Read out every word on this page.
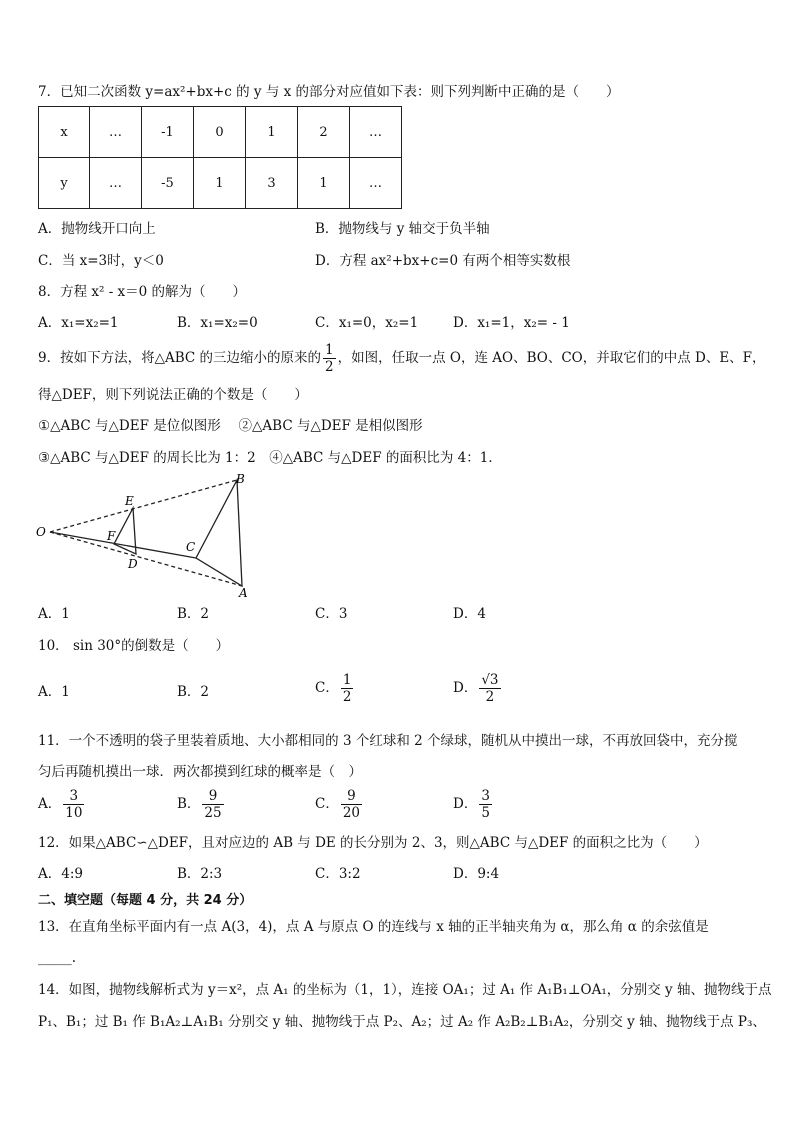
7．已知二次函数 y=ax²+bx+c 的 y 与 x 的部分对应值如下表：则下列判断中正确的是（　　）
x	…	-1	0	1	2	…
y	…	-5	1	3	1	…
A．抛物线开口向上	B．抛物线与 y 轴交于负半轴
C．当 x=3时，y＜0	D．方程 ax²+bx+c=0 有两个相等实数根
8．方程 x² - x＝0 的解为（　　）
A．x₁=x₂=1	B．x₁=x₂=0	C．x₁=0，x₂=1	D．x₁=1，x₂= - 1
9．按如下方法，将△ABC 的三边缩小的原来的 $\frac{1}{2}$ ，如图，任取一点 O，连 AO、BO、CO，并取它们的中点 D、E、F，
得△DEF，则下列说法正确的个数是（　　）
①△ABC 与△DEF 是位似图形　 ②△ABC 与△DEF 是相似图形
③△ABC 与△DEF 的周长比为 1：2　④△ABC 与△DEF 的面积比为 4：1．
O
E
F
D
C
B
A
A．1	B．2	C．3	D．4
10． sin 30°的倒数是（　　）
A．1	B．2	C． $\frac{1}{2}$	D． $\frac{√3}{2}$
11．一个不透明的袋子里装着质地、大小都相同的 3 个红球和 2 个绿球，随机从中摸出一球，不再放回袋中，充分搅
匀后再随机摸出一球．两次都摸到红球的概率是（　）
A． $\frac{3}{10}$	B． $\frac{9}{25}$	C． $\frac{9}{20}$	D． $\frac{3}{5}$
12．如果△ABC∽△DEF，且对应边的 AB 与 DE 的长分别为 2、3，则△ABC 与△DEF 的面积之比为（　　）
A．4:9	B．2:3	C．3:2	D．9:4
二、填空题（每题 4 分，共 24 分）
13．在直角坐标平面内有一点 A(3，4)，点 A 与原点 O 的连线与 x 轴的正半轴夹角为 α，那么角 α 的余弦值是
_____.
14．如图，抛物线解析式为 y＝x²，点 A₁ 的坐标为（1，1），连接 OA₁；过 A₁ 作 A₁B₁⊥OA₁，分别交 y 轴、抛物线于点
P₁、B₁；过 B₁ 作 B₁A₂⊥A₁B₁ 分别交 y 轴、抛物线于点 P₂、A₂；过 A₂ 作 A₂B₂⊥B₁A₂，分别交 y 轴、抛物线于点 P₃、
